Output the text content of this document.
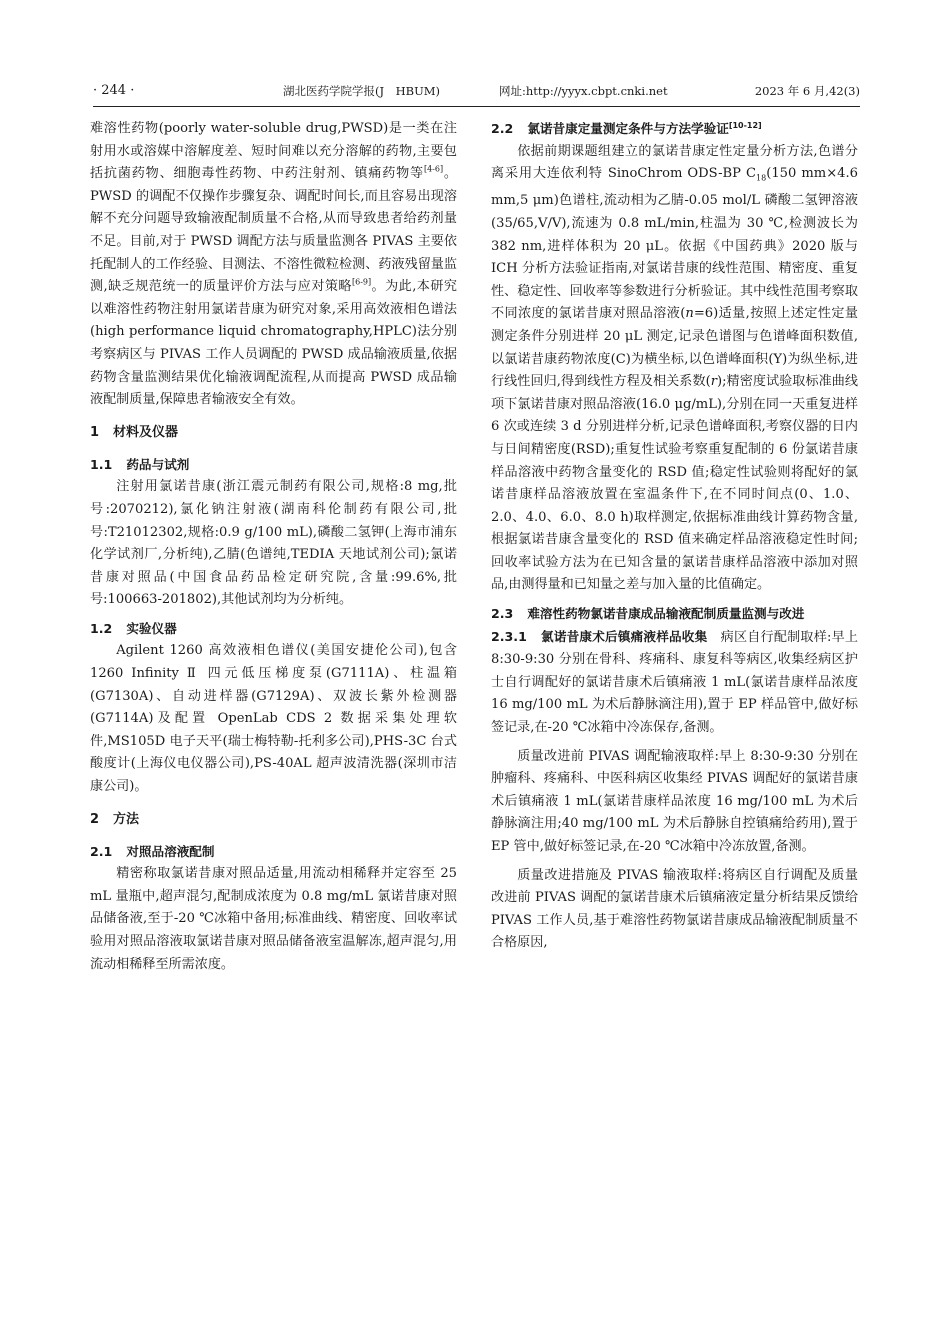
· 244 ·	湖北医药学院学报(J　HBUM)	网址:http://yyyx.cbpt.cnki.net	2023 年 6 月,42(3)

难溶性药物(poorly water-soluble drug,PWSD)是一类在注射用水或溶媒中溶解度差、短时间难以充分溶解的药物,主要包括抗菌药物、细胞毒性药物、中药注射剂、镇痛药物等[4-6]。PWSD 的调配不仅操作步骤复杂、调配时间长,而且容易出现溶解不充分问题导致输液配制质量不合格,从而导致患者给药剂量不足。目前,对于 PWSD 调配方法与质量监测各 PIVAS 主要依托配制人的工作经验、目测法、不溶性微粒检测、药液残留量监测,缺乏规范统一的质量评价方法与应对策略[6-9]。为此,本研究以难溶性药物注射用氯诺昔康为研究对象,采用高效液相色谱法(high performance liquid chromatography,HPLC)法分别考察病区与 PIVAS 工作人员调配的 PWSD 成品输液质量,依据药物含量监测结果优化输液调配流程,从而提高 PWSD 成品输液配制质量,保障患者输液安全有效。

1 材料及仪器
1.1 药品与试剂

注射用氯诺昔康(浙江震元制药有限公司,规格:8 mg,批号:2070212),氯化钠注射液(湖南科伦制药有限公司,批号:T21012302,规格:0.9 g/100 mL),磷酸二氢钾(上海市浦东化学试剂厂,分析纯),乙腈(色谱纯,TEDIA 天地试剂公司);氯诺昔康对照品(中国食品药品检定研究院,含量:99.6%,批号:100663-201802),其他试剂均为分析纯。

1.2 实验仪器

Agilent 1260 高效液相色谱仪(美国安捷伦公司),包含 1260 Infinity Ⅱ 四元低压梯度泵(G7111A)、柱温箱(G7130A)、自动进样器(G7129A)、双波长紫外检测器(G7114A)及配置 OpenLab CDS 2 数据采集处理软件,MS105D 电子天平(瑞士梅特勒-托利多公司),PHS-3C 台式酸度计(上海仪电仪器公司),PS-40AL 超声波清洗器(深圳市洁康公司)。

2 方法
2.1 对照品溶液配制

精密称取氯诺昔康对照品适量,用流动相稀释并定容至 25 mL 量瓶中,超声混匀,配制成浓度为 0.8 mg/mL 氯诺昔康对照品储备液,至于-20 ℃冰箱中备用;标准曲线、精密度、回收率试验用对照品溶液取氯诺昔康对照品储备液室温解冻,超声混匀,用流动相稀释至所需浓度。

2.2 氯诺昔康定量测定条件与方法学验证[10-12]

依据前期课题组建立的氯诺昔康定性定量分析方法,色谱分离采用大连依利特 SinoChrom ODS-BP $C_{18}(150$ mm×4.6 mm,5 μm)色谱柱,流动相为乙腈-0.05 mol/L 磷酸二氢钾溶液(35/65,V/V),流速为 0.8 mL/min,柱温为 30 ℃,检测波长为 382 nm,进样体积为 20 μL。依据《中国药典》2020 版与 ICH 分析方法验证指南,对氯诺昔康的线性范围、精密度、重复性、稳定性、回收率等参数进行分析验证。其中线性范围考察取不同浓度的氯诺昔康对照品溶液(n=6)适量,按照上述定性定量测定条件分别进样 20 μL 测定,记录色谱图与色谱峰面积数值,以氯诺昔康药物浓度(C)为横坐标,以色谱峰面积(Y)为纵坐标,进行线性回归,得到线性方程及相关系数(r);精密度试验取标准曲线项下氯诺昔康对照品溶液(16.0 μg/mL),分别在同一天重复进样 6 次或连续 3 d 分别进样分析,记录色谱峰面积,考察仪器的日内与日间精密度(RSD);重复性试验考察重复配制的 6 份氯诺昔康样品溶液中药物含量变化的 RSD 值;稳定性试验则将配好的氯诺昔康样品溶液放置在室温条件下,在不同时间点(0、1.0、2.0、4.0、6.0、8.0 h)取样测定,依据标准曲线计算药物含量,根据氯诺昔康含量变化的 RSD 值来确定样品溶液稳定性时间;回收率试验方法为在已知含量的氯诺昔康样品溶液中添加对照品,由测得量和已知量之差与加入量的比值确定。

2.3 难溶性药物氯诺昔康成品输液配制质量监测与改进

2.3.1 氯诺昔康术后镇痛液样品收集　 病区自行配制取样:早上 8:30-9:30 分别在骨科、疼痛科、康复科等病区,收集经病区护士自行调配好的氯诺昔康术后镇痛液 1 mL(氯诺昔康样品浓度 16 mg/100 mL 为术后静脉滴注用),置于 EP 样品管中,做好标签记录,在-20 ℃冰箱中冷冻保存,备测。

质量改进前 PIVAS 调配输液取样:早上 8:30-9:30 分别在肿瘤科、疼痛科、中医科病区收集经 PIVAS 调配好的氯诺昔康术后镇痛液 1 mL(氯诺昔康样品浓度 16 mg/100 mL 为术后静脉滴注用;40 mg/100 mL 为术后静脉自控镇痛给药用),置于 EP 管中,做好标签记录,在-20 ℃冰箱中冷冻放置,备测。

质量改进措施及 PIVAS 输液取样:将病区自行调配及质量改进前 PIVAS 调配的氯诺昔康术后镇痛液定量分析结果反馈给 PIVAS 工作人员,基于难溶性药物氯诺昔康成品输液配制质量不合格原因,
